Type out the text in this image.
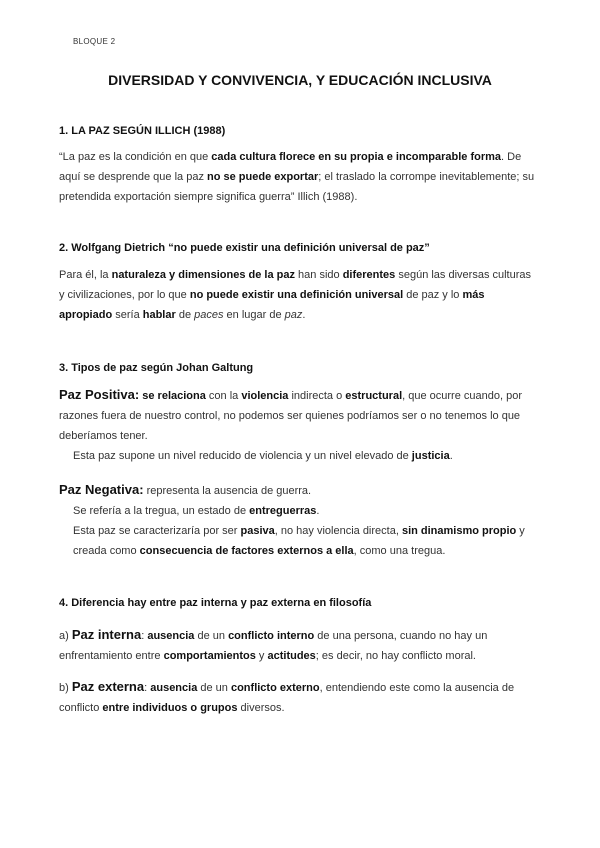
BLOQUE 2
DIVERSIDAD Y CONVIVENCIA, Y EDUCACIÓN INCLUSIVA
1. LA PAZ SEGÚN ILLICH (1988)
“La paz es la condición en que cada cultura florece en su propia e incomparable forma. De aquí se desprende que la paz no se puede exportar; el traslado la corrompe inevitablemente; su pretendida exportación siempre significa guerra” Illich (1988).
2. Wolfgang Dietrich “no puede existir una definición universal de paz”
Para él, la naturaleza y dimensiones de la paz han sido diferentes según las diversas culturas y civilizaciones, por lo que no puede existir una definición universal de paz y lo más apropiado sería hablar de paces en lugar de paz.
3. Tipos de paz según Johan Galtung
Paz Positiva: se relaciona con la violencia indirecta o estructural, que ocurre cuando, por razones fuera de nuestro control, no podemos ser quienes podríamos ser o no tenemos lo que deberíamos tener.
Esta paz supone un nivel reducido de violencia y un nivel elevado de justicia.
Paz Negativa: representa la ausencia de guerra.
Se refería a la tregua, un estado de entreguerras.
Esta paz se caracterizaría por ser pasiva, no hay violencia directa, sin dinamismo propio y creada como consecuencia de factores externos a ella, como una tregua.
4. Diferencia hay entre paz interna y paz externa en filosofía
a) Paz interna: ausencia de un conflicto interno de una persona, cuando no hay un enfrentamiento entre comportamientos y actitudes; es decir, no hay conflicto moral.
b) Paz externa: ausencia de un conflicto externo, entendiendo este como la ausencia de conflicto entre individuos o grupos diversos.
